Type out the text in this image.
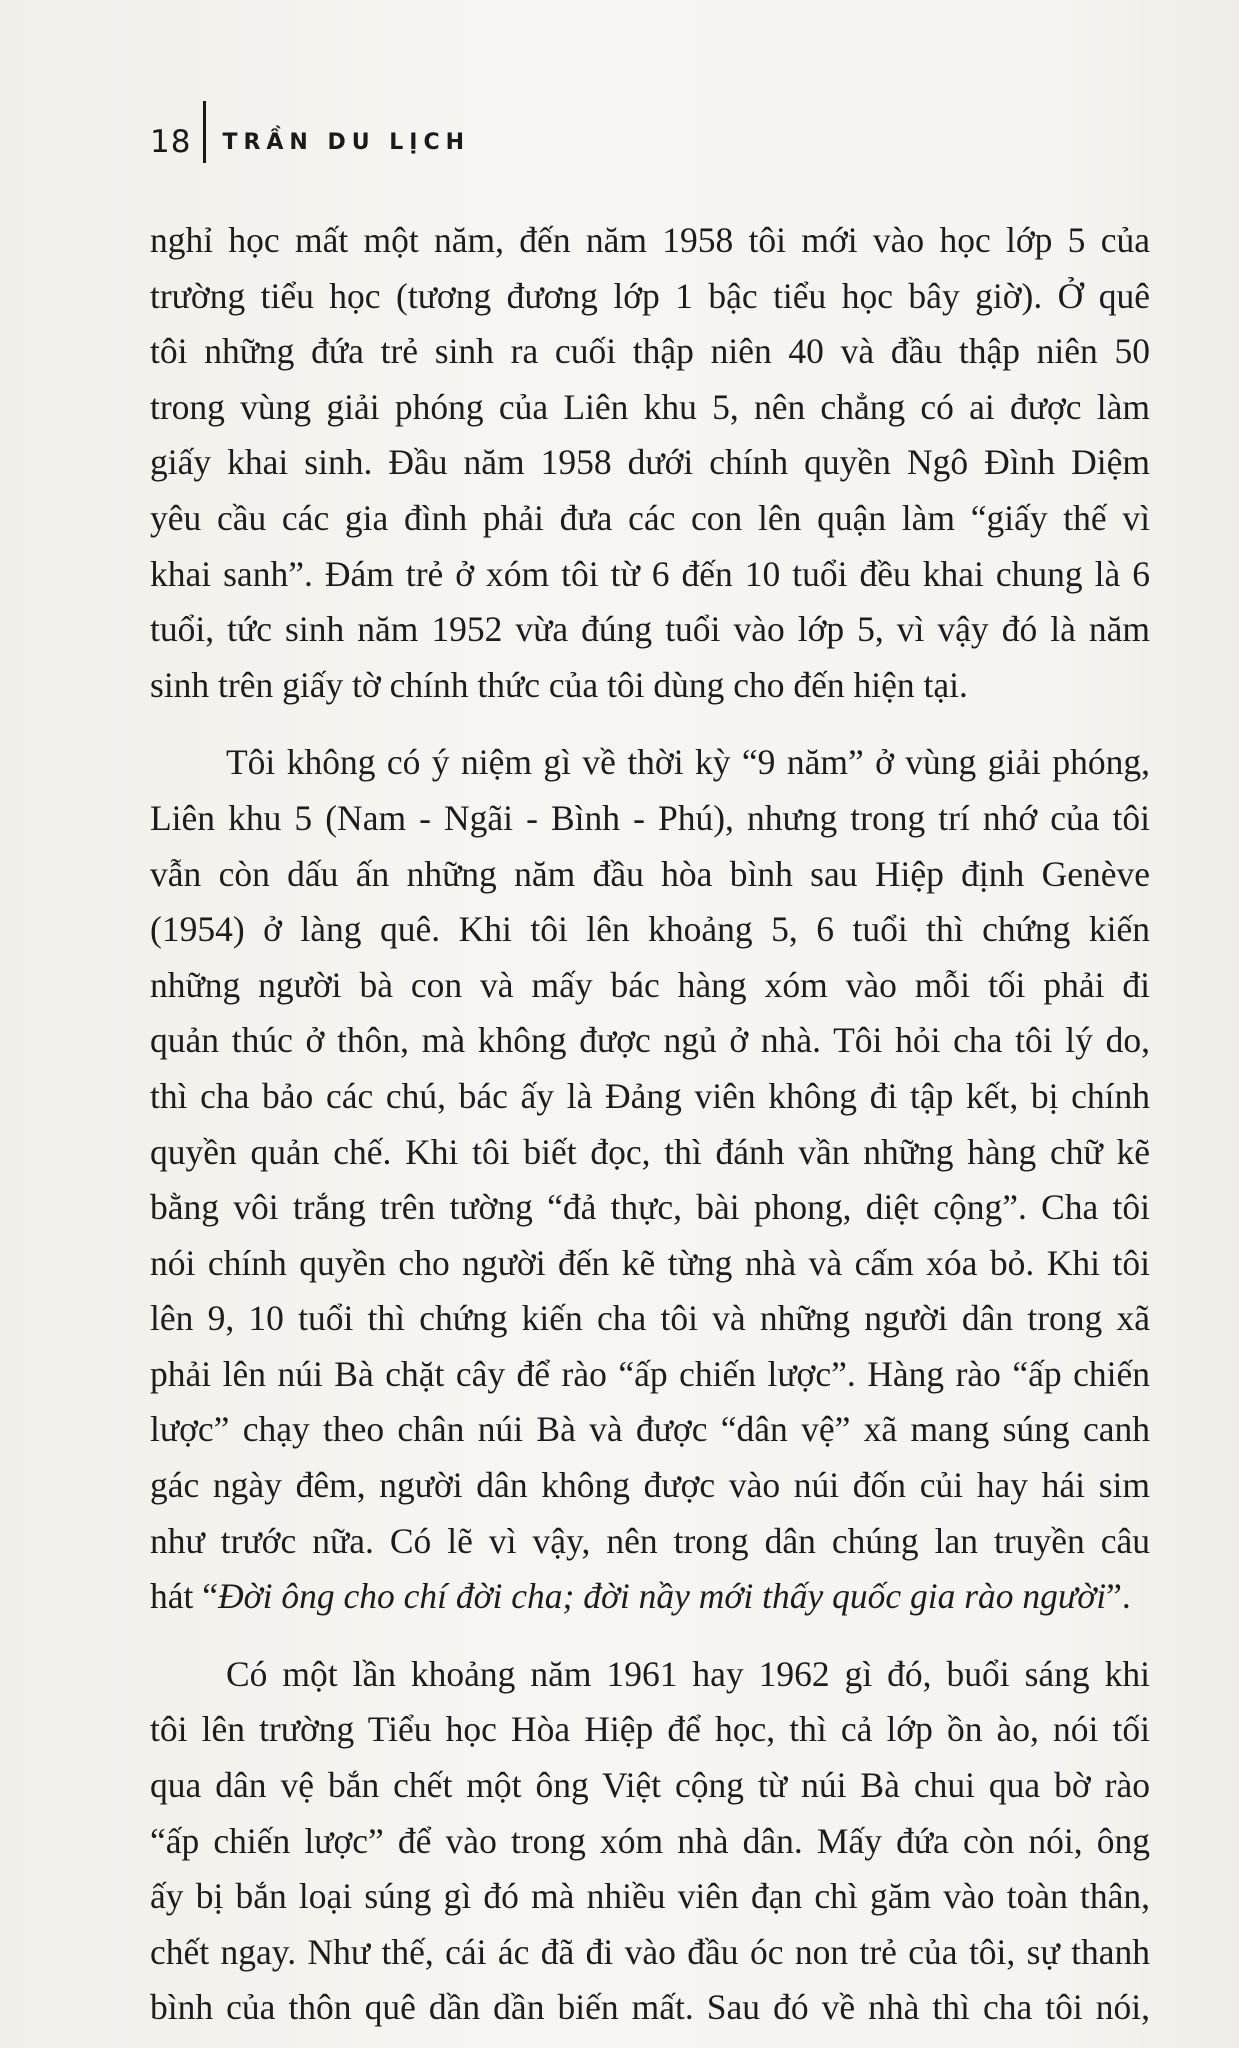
18 TRẦN DU LỊCH

nghỉ học mất một năm, đến năm 1958 tôi mới vào học lớp 5 của
trường tiểu học (tương đương lớp 1 bậc tiểu học bây giờ). Ở quê
tôi những đứa trẻ sinh ra cuối thập niên 40 và đầu thập niên 50
trong vùng giải phóng của Liên khu 5, nên chẳng có ai được làm
giấy khai sinh. Đầu năm 1958 dưới chính quyền Ngô Đình Diệm
yêu cầu các gia đình phải đưa các con lên quận làm “giấy thế vì
khai sanh”. Đám trẻ ở xóm tôi từ 6 đến 10 tuổi đều khai chung là 6
tuổi, tức sinh năm 1952 vừa đúng tuổi vào lớp 5, vì vậy đó là năm
sinh trên giấy tờ chính thức của tôi dùng cho đến hiện tại.

Tôi không có ý niệm gì về thời kỳ “9 năm” ở vùng giải phóng,
Liên khu 5 (Nam - Ngãi - Bình - Phú), nhưng trong trí nhớ của tôi
vẫn còn dấu ấn những năm đầu hòa bình sau Hiệp định Genève
(1954) ở làng quê. Khi tôi lên khoảng 5, 6 tuổi thì chứng kiến
những người bà con và mấy bác hàng xóm vào mỗi tối phải đi
quản thúc ở thôn, mà không được ngủ ở nhà. Tôi hỏi cha tôi lý do,
thì cha bảo các chú, bác ấy là Đảng viên không đi tập kết, bị chính
quyền quản chế. Khi tôi biết đọc, thì đánh vần những hàng chữ kẽ
bằng vôi trắng trên tường “đả thực, bài phong, diệt cộng”. Cha tôi
nói chính quyền cho người đến kẽ từng nhà và cấm xóa bỏ. Khi tôi
lên 9, 10 tuổi thì chứng kiến cha tôi và những người dân trong xã
phải lên núi Bà chặt cây để rào “ấp chiến lược”. Hàng rào “ấp chiến
lược” chạy theo chân núi Bà và được “dân vệ” xã mang súng canh
gác ngày đêm, người dân không được vào núi đốn củi hay hái sim
như trước nữa. Có lẽ vì vậy, nên trong dân chúng lan truyền câu
hát “Đời ông cho chí đời cha; đời nầy mới thấy quốc gia rào người”.

Có một lần khoảng năm 1961 hay 1962 gì đó, buổi sáng khi
tôi lên trường Tiểu học Hòa Hiệp để học, thì cả lớp ồn ào, nói tối
qua dân vệ bắn chết một ông Việt cộng từ núi Bà chui qua bờ rào
“ấp chiến lược” để vào trong xóm nhà dân. Mấy đứa còn nói, ông
ấy bị bắn loại súng gì đó mà nhiều viên đạn chì găm vào toàn thân,
chết ngay. Như thế, cái ác đã đi vào đầu óc non trẻ của tôi, sự thanh
bình của thôn quê dần dần biến mất. Sau đó về nhà thì cha tôi nói,
